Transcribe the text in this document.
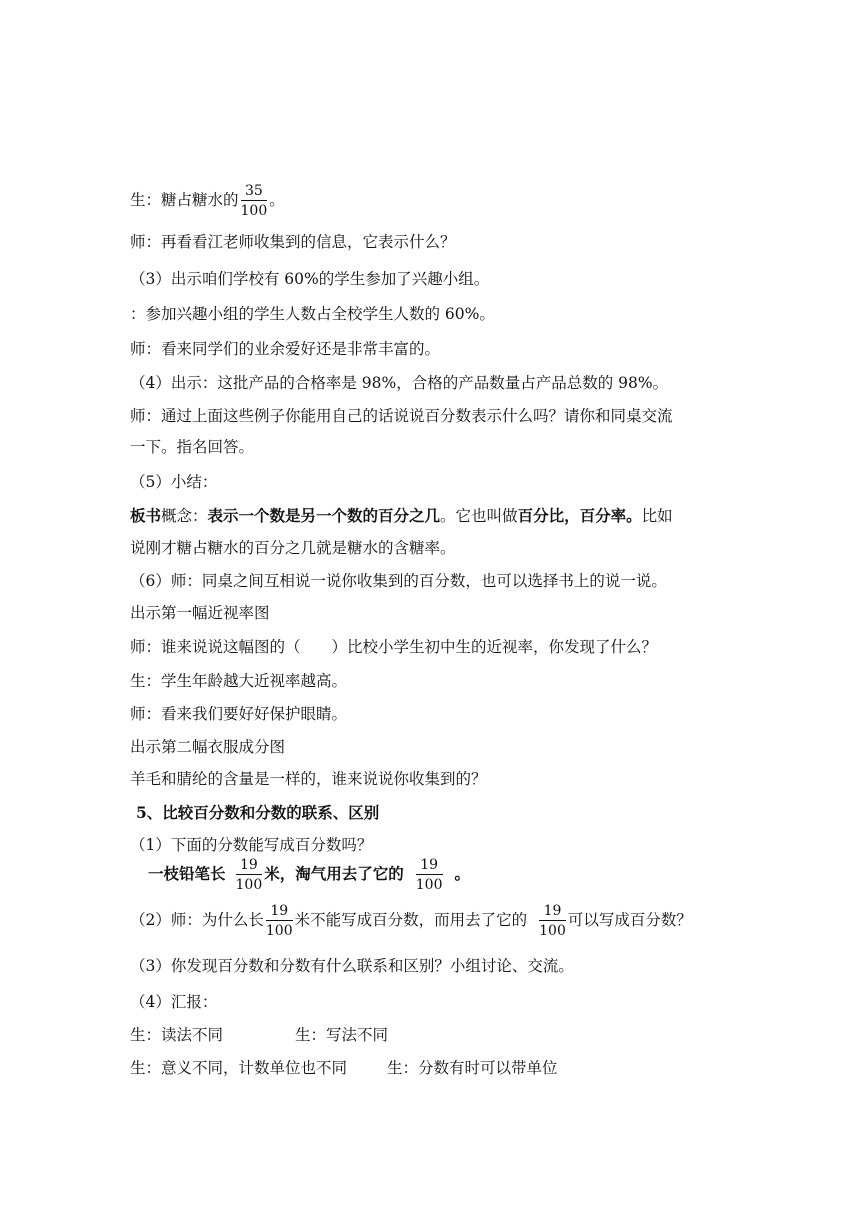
生：糖占糖水的 $\frac{35}{100}$ 。
师：再看看江老师收集到的信息，它表示什么？
（3）出示咱们学校有 60%的学生参加了兴趣小组。
：参加兴趣小组的学生人数占全校学生人数的 60%。
师：看来同学们的业余爱好还是非常丰富的。
（4）出示：这批产品的合格率是 98%，合格的产品数量占产品总数的 98%。
师：通过上面这些例子你能用自己的话说说百分数表示什么吗？请你和同桌交流
一下。指名回答。
（5）小结：
板书概念：表示一个数是另一个数的百分之几。它也叫做百分比，百分率。比如
说刚才糖占糖水的百分之几就是糖水的含糖率。
（6）师：同桌之间互相说一说你收集到的百分数，也可以选择书上的说一说。
出示第一幅近视率图
师：谁来说说这幅图的（　　）比校小学生初中生的近视率，你发现了什么？
生：学生年龄越大近视率越高。
师：看来我们要好好保护眼睛。
出示第二幅衣服成分图
羊毛和腈纶的含量是一样的，谁来说说你收集到的？
5、比较百分数和分数的联系、区别
（1）下面的分数能写成百分数吗？
一枝铅笔长 $\frac{19}{100}$ 米，淘气用去了它的 $\frac{19}{100}$ 。
（2）师：为什么长 $\frac{19}{100}$ 米不能写成百分数，而用去了它的 $\frac{19}{100}$ 可以写成百分数？
（3）你发现百分数和分数有什么联系和区别？小组讨论、交流。
（4）汇报：
生：读法不同	生：写法不同
生：意义不同，计数单位也不同	生：分数有时可以带单位
